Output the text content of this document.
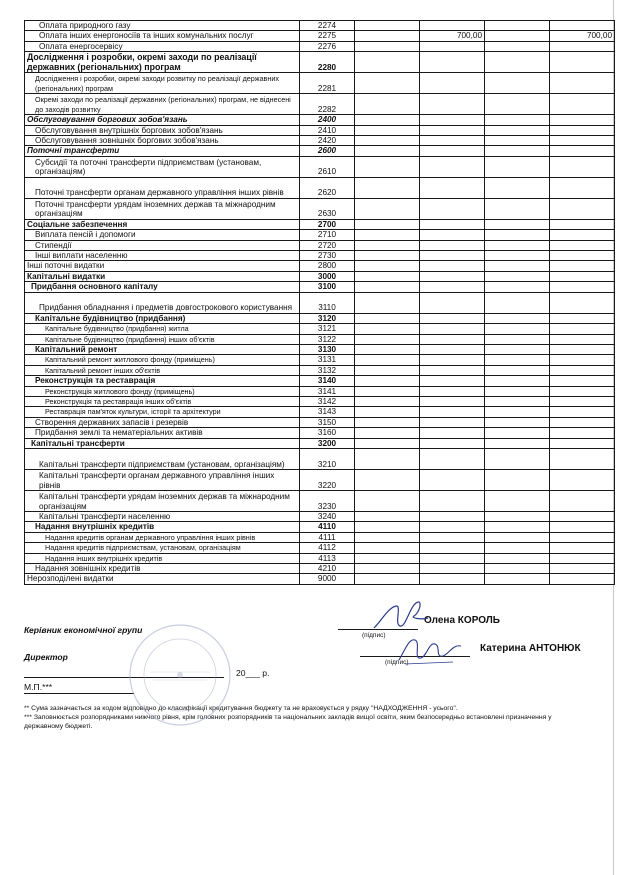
Оплата природного газу	2274				
Оплата інших енергоносіїв та інших комунальних послуг	2275		700,00		700,00
Оплата енергосервісу	2276				
Дослідження і розробки, окремі заходи по реалізації державних (регіональних) програм	2280				
Дослідження і розробки, окремі заходи розвитку по реалізації державних (регіональних) програм	2281				
Окремі заходи по реалізації державних (регіональних) програм, не віднесені до заходів розвитку	2282				
Обслуговування боргових зобов'язань	2400				
Обслуговування внутрішніх боргових зобов'язань	2410				
Обслуговування зовнішніх боргових зобов'язань	2420				
Поточні трансферти	2600				
Субсидії та поточні трансферти підприємствам (установам, організаціям)	2610				
Поточні трансферти органам державного управління інших рівнів	2620				
Поточні трансферти урядам іноземних держав та міжнародним організаціям	2630				
Соціальне забезпечення	2700				
Виплата пенсій і допомоги	2710				
Стипендії	2720				
Інші виплати населенню	2730				
Інші поточні видатки	2800				
Капітальні видатки	3000				
Придбання основного капіталу	3100				
Придбання обладнання і предметів довгострокового користування	3110				
Капітальне будівництво (придбання)	3120				
Капітальне будівництво (придбання) житла	3121				
Капітальне будівництво (придбання) інших об'єктів	3122				
Капітальний ремонт	3130				
Капітальний ремонт житлового фонду (приміщень)	3131				
Капітальний ремонт інших об'єктів	3132				
Реконструкція та реставрація	3140				
Реконструкція житлового фонду (приміщень)	3141				
Реконструкція та реставрація інших об'єктів	3142				
Реставрація пам'яток культури, історії та архітектури	3143				
Створення державних запасів і резервів	3150				
Придбання землі та нематеріальних активів	3160				
Капітальні трансферти	3200				
Капітальні трансферти підприємствам (установам, організаціям)	3210				
Капітальні трансферти органам державного управління інших рівнів	3220				
Капітальні трансферти урядам іноземних держав та міжнародним організаціям	3230				
Капітальні трансферти населенню	3240				
Надання внутрішніх кредитів	4110				
Надання кредитів органам державного управління інших рівнів	4111				
Надання кредитів підприємствам, установам, організаціям	4112				
Надання інших внутрішніх кредитів	4113				
Надання зовнішніх кредитів	4210				
Нерозподілені видатки	9000				
Керівник економічної групи
Директор
(підпис)
Олена КОРОЛЬ
(підпис)
Катерина АНТОНЮК
20___ р.
М.П.***
** Сума зазначається за кодом відповідно до класифікації кредитування бюджету та не враховується у рядку "НАДХОДЖЕННЯ - усього".
*** Заповнюється розпорядниками нижчого рівня, крім головних розпорядників та національних закладів вищої освіти, яким безпосередньо встановлені призначення у державному бюджеті.
